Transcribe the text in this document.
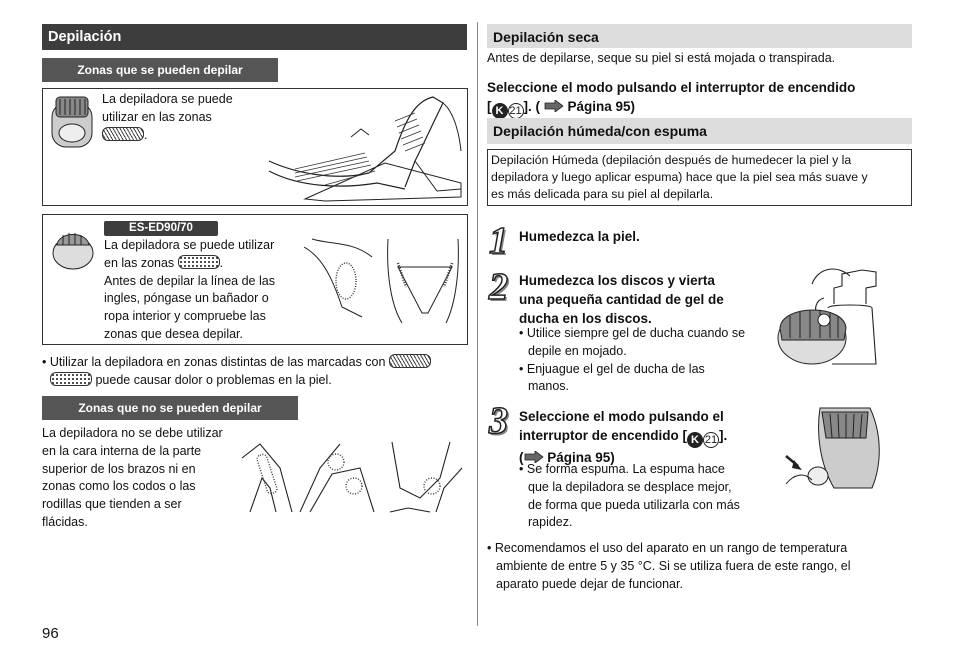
Depilación
Zonas que se pueden depilar
La depiladora se puede
utilizar en las zonas
.
ES-ED90/70
La depiladora se puede utilizar
en las zonas	.
Antes de depilar la línea de las
ingles, póngase un bañador o
ropa interior y compruebe las
zonas que desea depilar.
• Utilizar la depiladora en zonas distintas de las marcadas con
puede causar dolor o problemas en la piel.
Zonas que no se pueden depilar
La depiladora no se debe utilizar
en la cara interna de la parte
superior de los brazos ni en
zonas como los codos o las
rodillas que tienden a ser
flácidas.
96
Depilación seca
Antes de depilarse, seque su piel si está mojada o transpirada.
Seleccione el modo pulsando el interruptor de encendido
[ K 21 ]. ( Página 95)
Depilación húmeda/con espuma
Depilación Húmeda (depilación después de humedecer la piel y la
depiladora y luego aplicar espuma) hace que la piel sea más suave y
es más delicada para su piel al depilarla.
1 Humedezca la piel.
2 Humedezca los discos y vierta
una pequeña cantidad de gel de
ducha en los discos.
• Utilice siempre gel de ducha cuando se
depile en mojado.
• Enjuague el gel de ducha de las
manos.
3 Seleccione el modo pulsando el
interruptor de encendido [ K 21 ].
( Página 95)
• Se forma espuma. La espuma hace
que la depiladora se desplace mejor,
de forma que pueda utilizarla con más
rapidez.
• Recomendamos el uso del aparato en un rango de temperatura
ambiente de entre 5 y 35 °C. Si se utiliza fuera de este rango, el
aparato puede dejar de funcionar.
